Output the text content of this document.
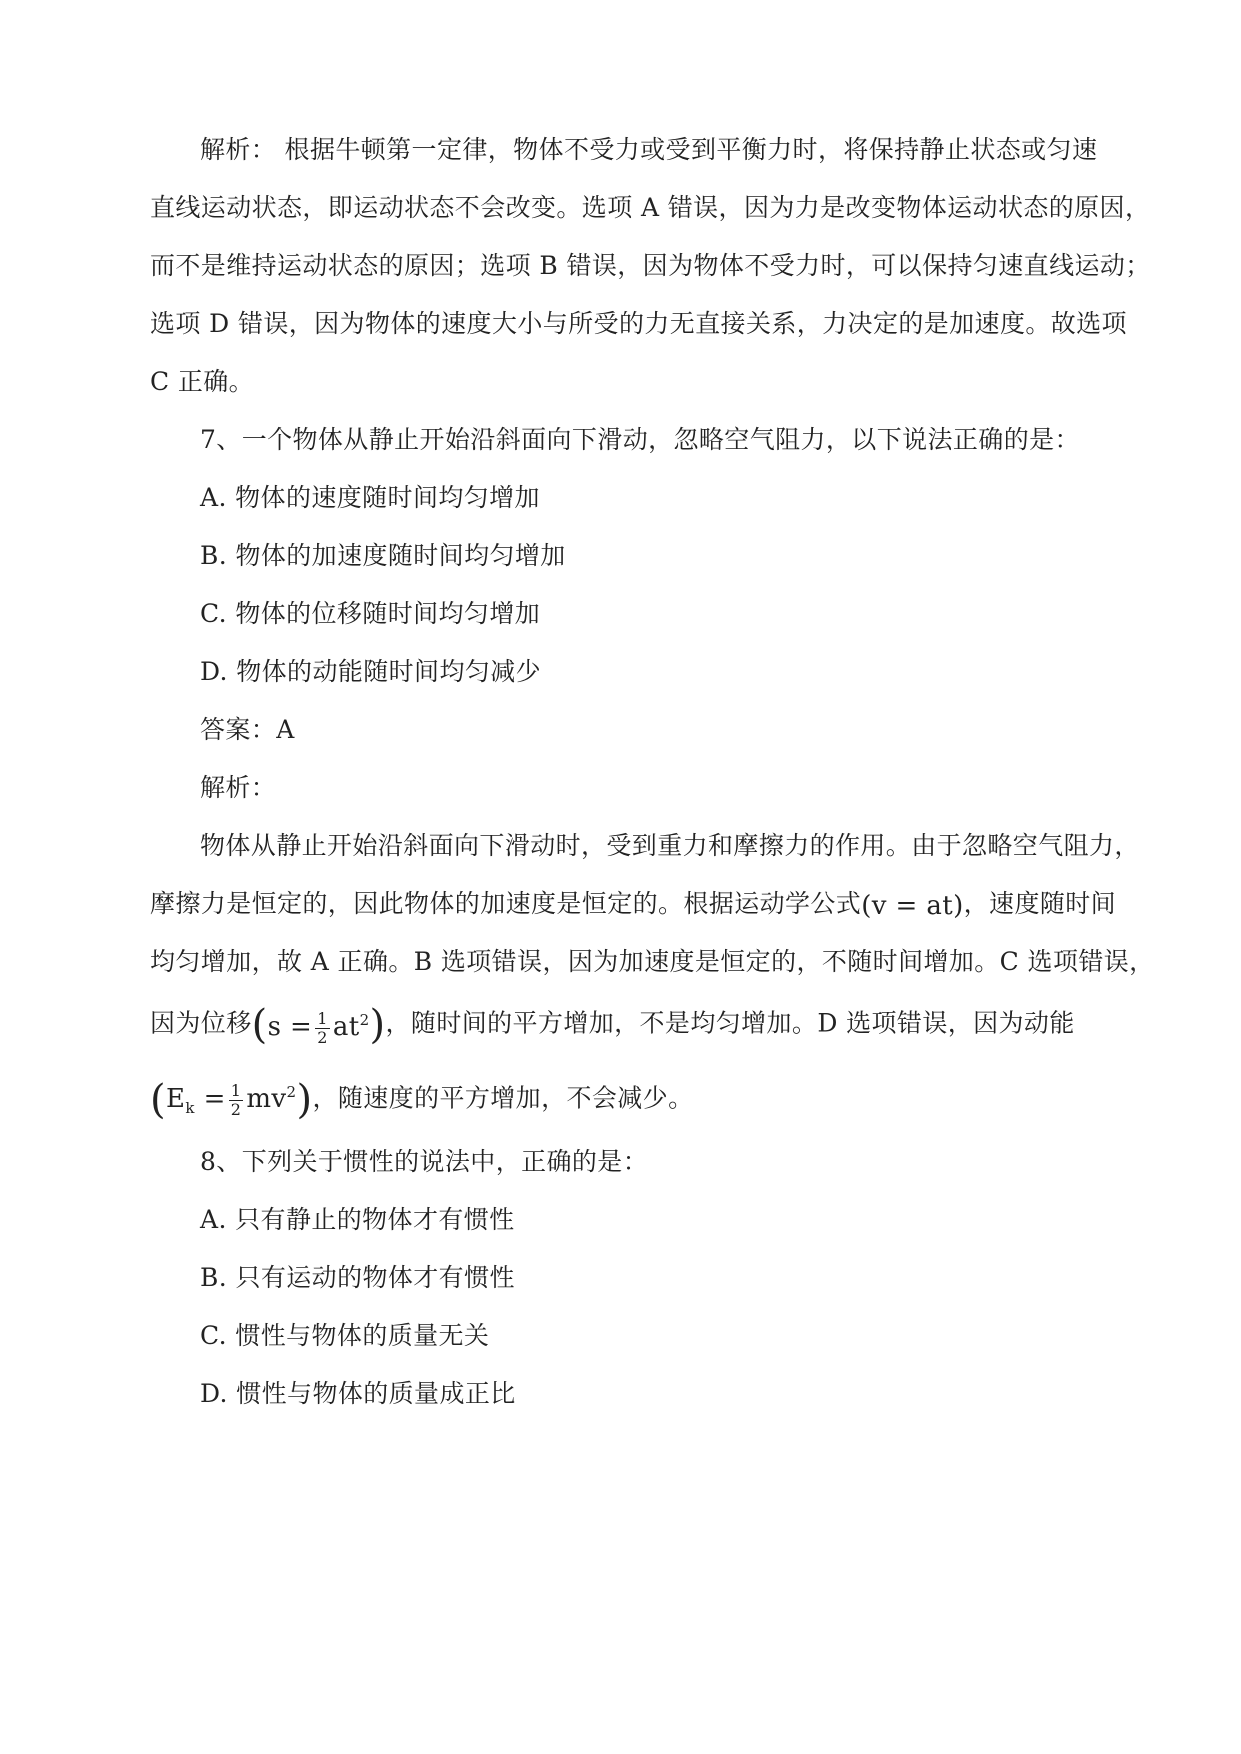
解析： 根据牛顿第一定律，物体不受力或受到平衡力时，将保持静止状态或匀速
直线运动状态，即运动状态不会改变。选项 A 错误，因为力是改变物体运动状态的原因，
而不是维持运动状态的原因；选项 B 错误，因为物体不受力时，可以保持匀速直线运动；
选项 D 错误，因为物体的速度大小与所受的力无直接关系，力决定的是加速度。故选项
C 正确。
7、一个物体从静止开始沿斜面向下滑动，忽略空气阻力，以下说法正确的是：
A. 物体的速度随时间均匀增加
B. 物体的加速度随时间均匀增加
C. 物体的位移随时间均匀增加
D. 物体的动能随时间均匀减少
答案：A
解析：
物体从静止开始沿斜面向下滑动时，受到重力和摩擦力的作用。由于忽略空气阻力，
摩擦力是恒定的，因此物体的加速度是恒定的。根据运动学公式(v = at)，速度随时间
均匀增加，故 A 正确。B 选项错误，因为加速度是恒定的，不随时间增加。C 选项错误，
因为位移$(s = \frac{1}{2} at^2)$，随时间的平方增加，不是均匀增加。D 选项错误，因为动能
$(E_k = \frac{1}{2} mv^2)$，随速度的平方增加，不会减少。
8、下列关于惯性的说法中，正确的是：
A. 只有静止的物体才有惯性
B. 只有运动的物体才有惯性
C. 惯性与物体的质量无关
D. 惯性与物体的质量成正比
